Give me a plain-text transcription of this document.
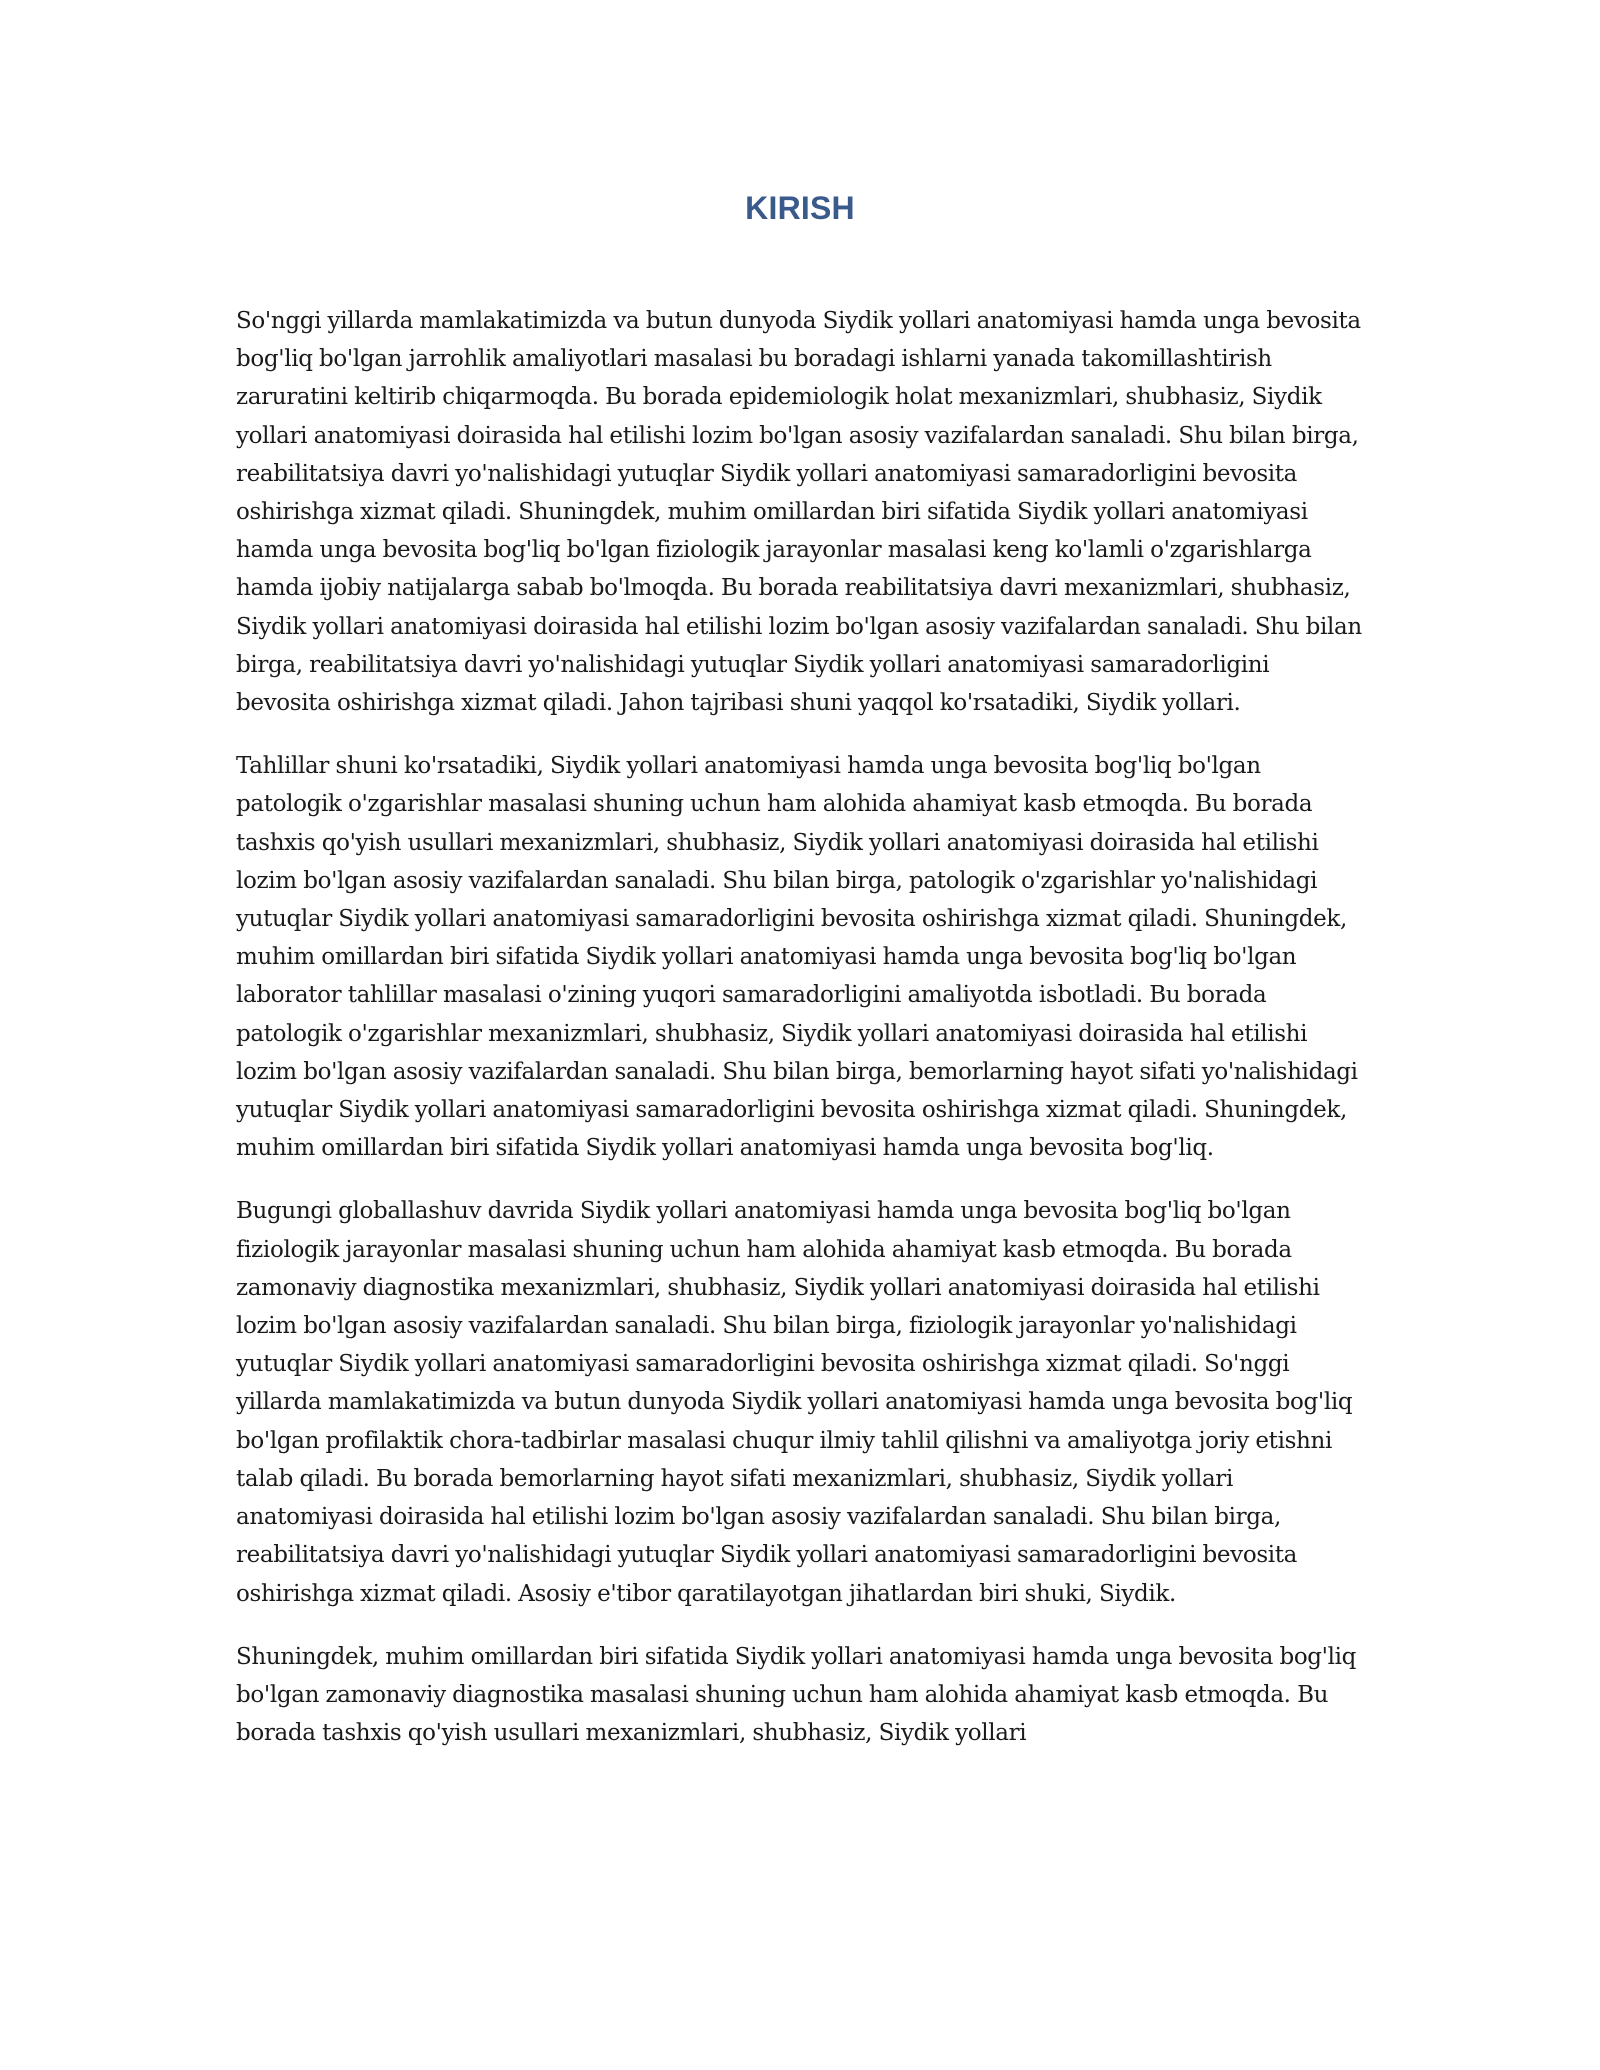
KIRISH

So'nggi yillarda mamlakatimizda va butun dunyoda Siydik yollari anatomiyasi hamda unga bevosita bog'liq bo'lgan jarrohlik amaliyotlari masalasi bu boradagi ishlarni yanada takomillashtirish zaruratini keltirib chiqarmoqda. Bu borada epidemiologik holat mexanizmlari, shubhasiz, Siydik yollari anatomiyasi doirasida hal etilishi lozim bo'lgan asosiy vazifalardan sanaladi. Shu bilan birga, reabilitatsiya davri yo'nalishidagi yutuqlar Siydik yollari anatomiyasi samaradorligini bevosita oshirishga xizmat qiladi. Shuningdek, muhim omillardan biri sifatida Siydik yollari anatomiyasi hamda unga bevosita bog'liq bo'lgan fiziologik jarayonlar masalasi keng ko'lamli o'zgarishlarga hamda ijobiy natijalarga sabab bo'lmoqda. Bu borada reabilitatsiya davri mexanizmlari, shubhasiz, Siydik yollari anatomiyasi doirasida hal etilishi lozim bo'lgan asosiy vazifalardan sanaladi. Shu bilan birga, reabilitatsiya davri yo'nalishidagi yutuqlar Siydik yollari anatomiyasi samaradorligini bevosita oshirishga xizmat qiladi. Jahon tajribasi shuni yaqqol ko'rsatadiki, Siydik yollari.

Tahlillar shuni ko'rsatadiki, Siydik yollari anatomiyasi hamda unga bevosita bog'liq bo'lgan patologik o'zgarishlar masalasi shuning uchun ham alohida ahamiyat kasb etmoqda. Bu borada tashxis qo'yish usullari mexanizmlari, shubhasiz, Siydik yollari anatomiyasi doirasida hal etilishi lozim bo'lgan asosiy vazifalardan sanaladi. Shu bilan birga, patologik o'zgarishlar yo'nalishidagi yutuqlar Siydik yollari anatomiyasi samaradorligini bevosita oshirishga xizmat qiladi. Shuningdek, muhim omillardan biri sifatida Siydik yollari anatomiyasi hamda unga bevosita bog'liq bo'lgan laborator tahlillar masalasi o'zining yuqori samaradorligini amaliyotda isbotladi. Bu borada patologik o'zgarishlar mexanizmlari, shubhasiz, Siydik yollari anatomiyasi doirasida hal etilishi lozim bo'lgan asosiy vazifalardan sanaladi. Shu bilan birga, bemorlarning hayot sifati yo'nalishidagi yutuqlar Siydik yollari anatomiyasi samaradorligini bevosita oshirishga xizmat qiladi. Shuningdek, muhim omillardan biri sifatida Siydik yollari anatomiyasi hamda unga bevosita bog'liq.

Bugungi globallashuv davrida Siydik yollari anatomiyasi hamda unga bevosita bog'liq bo'lgan fiziologik jarayonlar masalasi shuning uchun ham alohida ahamiyat kasb etmoqda. Bu borada zamonaviy diagnostika mexanizmlari, shubhasiz, Siydik yollari anatomiyasi doirasida hal etilishi lozim bo'lgan asosiy vazifalardan sanaladi. Shu bilan birga, fiziologik jarayonlar yo'nalishidagi yutuqlar Siydik yollari anatomiyasi samaradorligini bevosita oshirishga xizmat qiladi. So'nggi yillarda mamlakatimizda va butun dunyoda Siydik yollari anatomiyasi hamda unga bevosita bog'liq bo'lgan profilaktik chora-tadbirlar masalasi chuqur ilmiy tahlil qilishni va amaliyotga joriy etishni talab qiladi. Bu borada bemorlarning hayot sifati mexanizmlari, shubhasiz, Siydik yollari anatomiyasi doirasida hal etilishi lozim bo'lgan asosiy vazifalardan sanaladi. Shu bilan birga, reabilitatsiya davri yo'nalishidagi yutuqlar Siydik yollari anatomiyasi samaradorligini bevosita oshirishga xizmat qiladi. Asosiy e'tibor qaratilayotgan jihatlardan biri shuki, Siydik.

Shuningdek, muhim omillardan biri sifatida Siydik yollari anatomiyasi hamda unga bevosita bog'liq bo'lgan zamonaviy diagnostika masalasi shuning uchun ham alohida ahamiyat kasb etmoqda. Bu borada tashxis qo'yish usullari mexanizmlari, shubhasiz, Siydik yollari
